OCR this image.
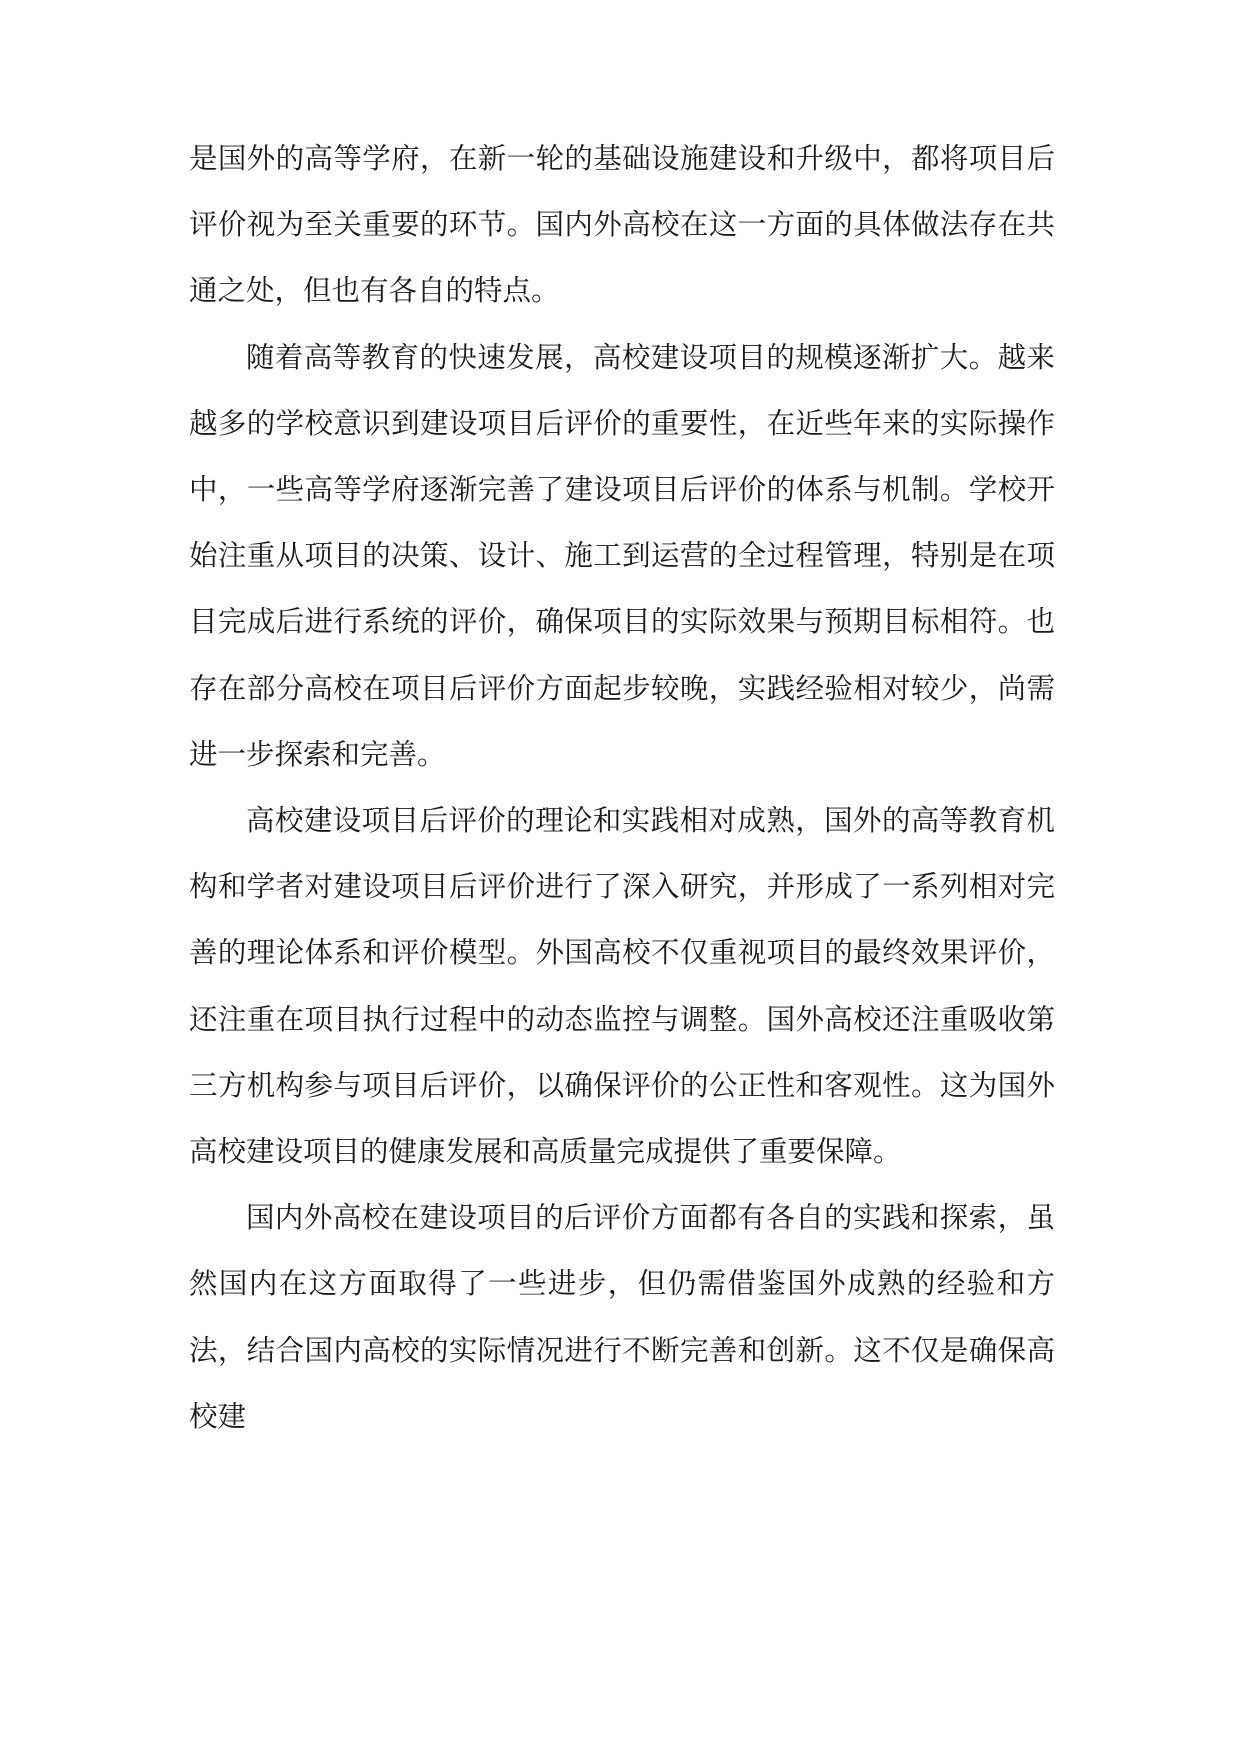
是国外的高等学府，在新一轮的基础设施建设和升级中，都将项目后评价视为至关重要的环节。国内外高校在这一方面的具体做法存在共通之处，但也有各自的特点。

随着高等教育的快速发展，高校建设项目的规模逐渐扩大。越来越多的学校意识到建设项目后评价的重要性，在近些年来的实际操作中，一些高等学府逐渐完善了建设项目后评价的体系与机制。学校开始注重从项目的决策、设计、施工到运营的全过程管理，特别是在项目完成后进行系统的评价，确保项目的实际效果与预期目标相符。也存在部分高校在项目后评价方面起步较晚，实践经验相对较少，尚需进一步探索和完善。

高校建设项目后评价的理论和实践相对成熟，国外的高等教育机构和学者对建设项目后评价进行了深入研究，并形成了一系列相对完善的理论体系和评价模型。外国高校不仅重视项目的最终效果评价，还注重在项目执行过程中的动态监控与调整。国外高校还注重吸收第三方机构参与项目后评价，以确保评价的公正性和客观性。这为国外高校建设项目的健康发展和高质量完成提供了重要保障。

国内外高校在建设项目的后评价方面都有各自的实践和探索，虽然国内在这方面取得了一些进步，但仍需借鉴国外成熟的经验和方法，结合国内高校的实际情况进行不断完善和创新。这不仅是确保高校建
